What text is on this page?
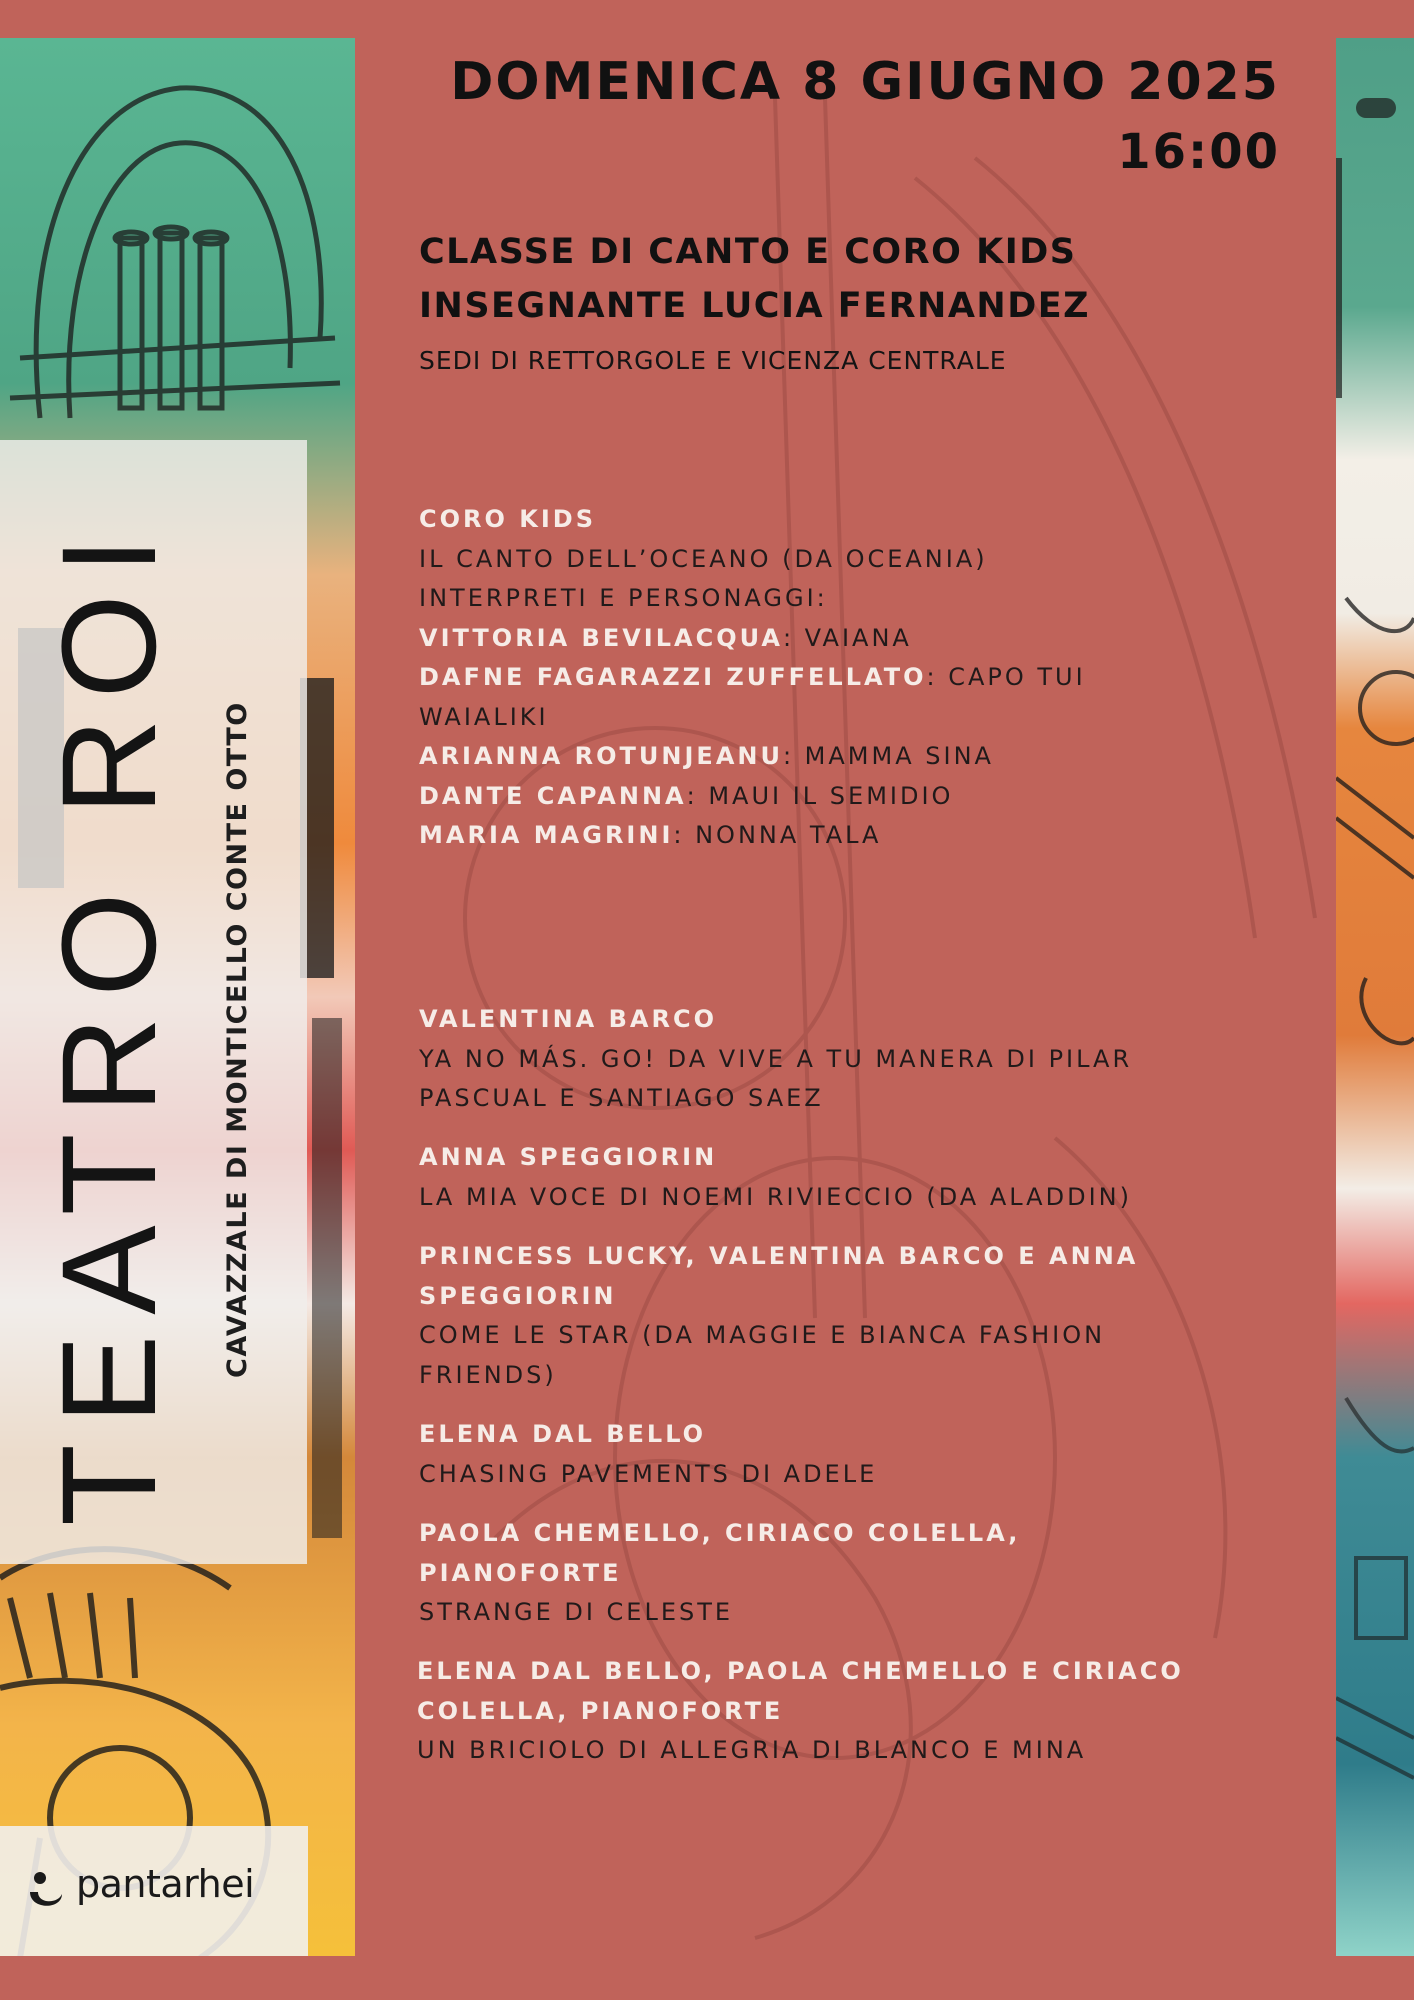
TEATRO ROI CAVAZZALE DI MONTICELLO CONTE OTTO
pantarhei
DOMENICA 8 GIUGNO 2025
16:00
CLASSE DI CANTO E CORO KIDS
INSEGNANTE LUCIA FERNANDEZ
SEDI DI RETTORGOLE E VICENZA CENTRALE
CORO KIDS
IL CANTO DELL’OCEANO (DA OCEANIA)
INTERPRETI E PERSONAGGI:
VITTORIA BEVILACQUA: VAIANA
DAFNE FAGARAZZI ZUFFELLATO: CAPO TUI
WAIALIKI
ARIANNA ROTUNJEANU: MAMMA SINA
DANTE CAPANNA: MAUI IL SEMIDIO
MARIA MAGRINI: NONNA TALA
VALENTINA BARCO
YA NO MÁS. GO! DA VIVE A TU MANERA DI PILAR
PASCUAL E SANTIAGO SAEZ
ANNA SPEGGIORIN
LA MIA VOCE DI NOEMI RIVIECCIO (DA ALADDIN)
PRINCESS LUCKY, VALENTINA BARCO E ANNA
SPEGGIORIN
COME LE STAR (DA MAGGIE E BIANCA FASHION
FRIENDS)
ELENA DAL BELLO
CHASING PAVEMENTS DI ADELE
PAOLA CHEMELLO, CIRIACO COLELLA,
PIANOFORTE
STRANGE DI CELESTE
ELENA DAL BELLO, PAOLA CHEMELLO E CIRIACO
COLELLA, PIANOFORTE
UN BRICIOLO DI ALLEGRIA DI BLANCO E MINA
